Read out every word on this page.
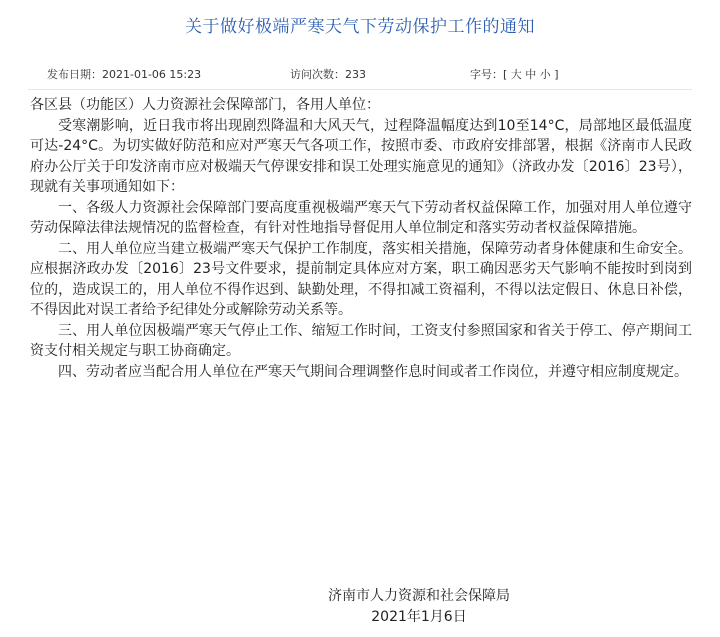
关于做好极端严寒天气下劳动保护工作的通知
发布日期：2021-01-06 15:23	访问次数：233	字号：[ 大 中 小 ]

各区县（功能区）人力资源社会保障部门，各用人单位：

受寒潮影响，近日我市将出现剧烈降温和大风天气，过程降温幅度达到10至14°C，局部地区最低温度可达-24°C。为切实做好防范和应对严寒天气各项工作，按照市委、市政府安排部署，根据《济南市人民政府办公厅关于印发济南市应对极端天气停课安排和误工处理实施意见的通知》（济政办发〔2016〕23号），现就有关事项通知如下：

一、各级人力资源社会保障部门要高度重视极端严寒天气下劳动者权益保障工作，加强对用人单位遵守劳动保障法律法规情况的监督检查，有针对性地指导督促用人单位制定和落实劳动者权益保障措施。

二、用人单位应当建立极端严寒天气保护工作制度，落实相关措施，保障劳动者身体健康和生命安全。应根据济政办发〔2016〕23号文件要求，提前制定具体应对方案，职工确因恶劣天气影响不能按时到岗到位的，造成误工的，用人单位不得作迟到、缺勤处理，不得扣减工资福利，不得以法定假日、休息日补偿，不得因此对误工者给予纪律处分或解除劳动关系等。

三、用人单位因极端严寒天气停止工作、缩短工作时间，工资支付参照国家和省关于停工、停产期间工资支付相关规定与职工协商确定。

四、劳动者应当配合用人单位在严寒天气期间合理调整作息时间或者工作岗位，并遵守相应制度规定。

济南市人力资源和社会保障局
2021年1月6日
